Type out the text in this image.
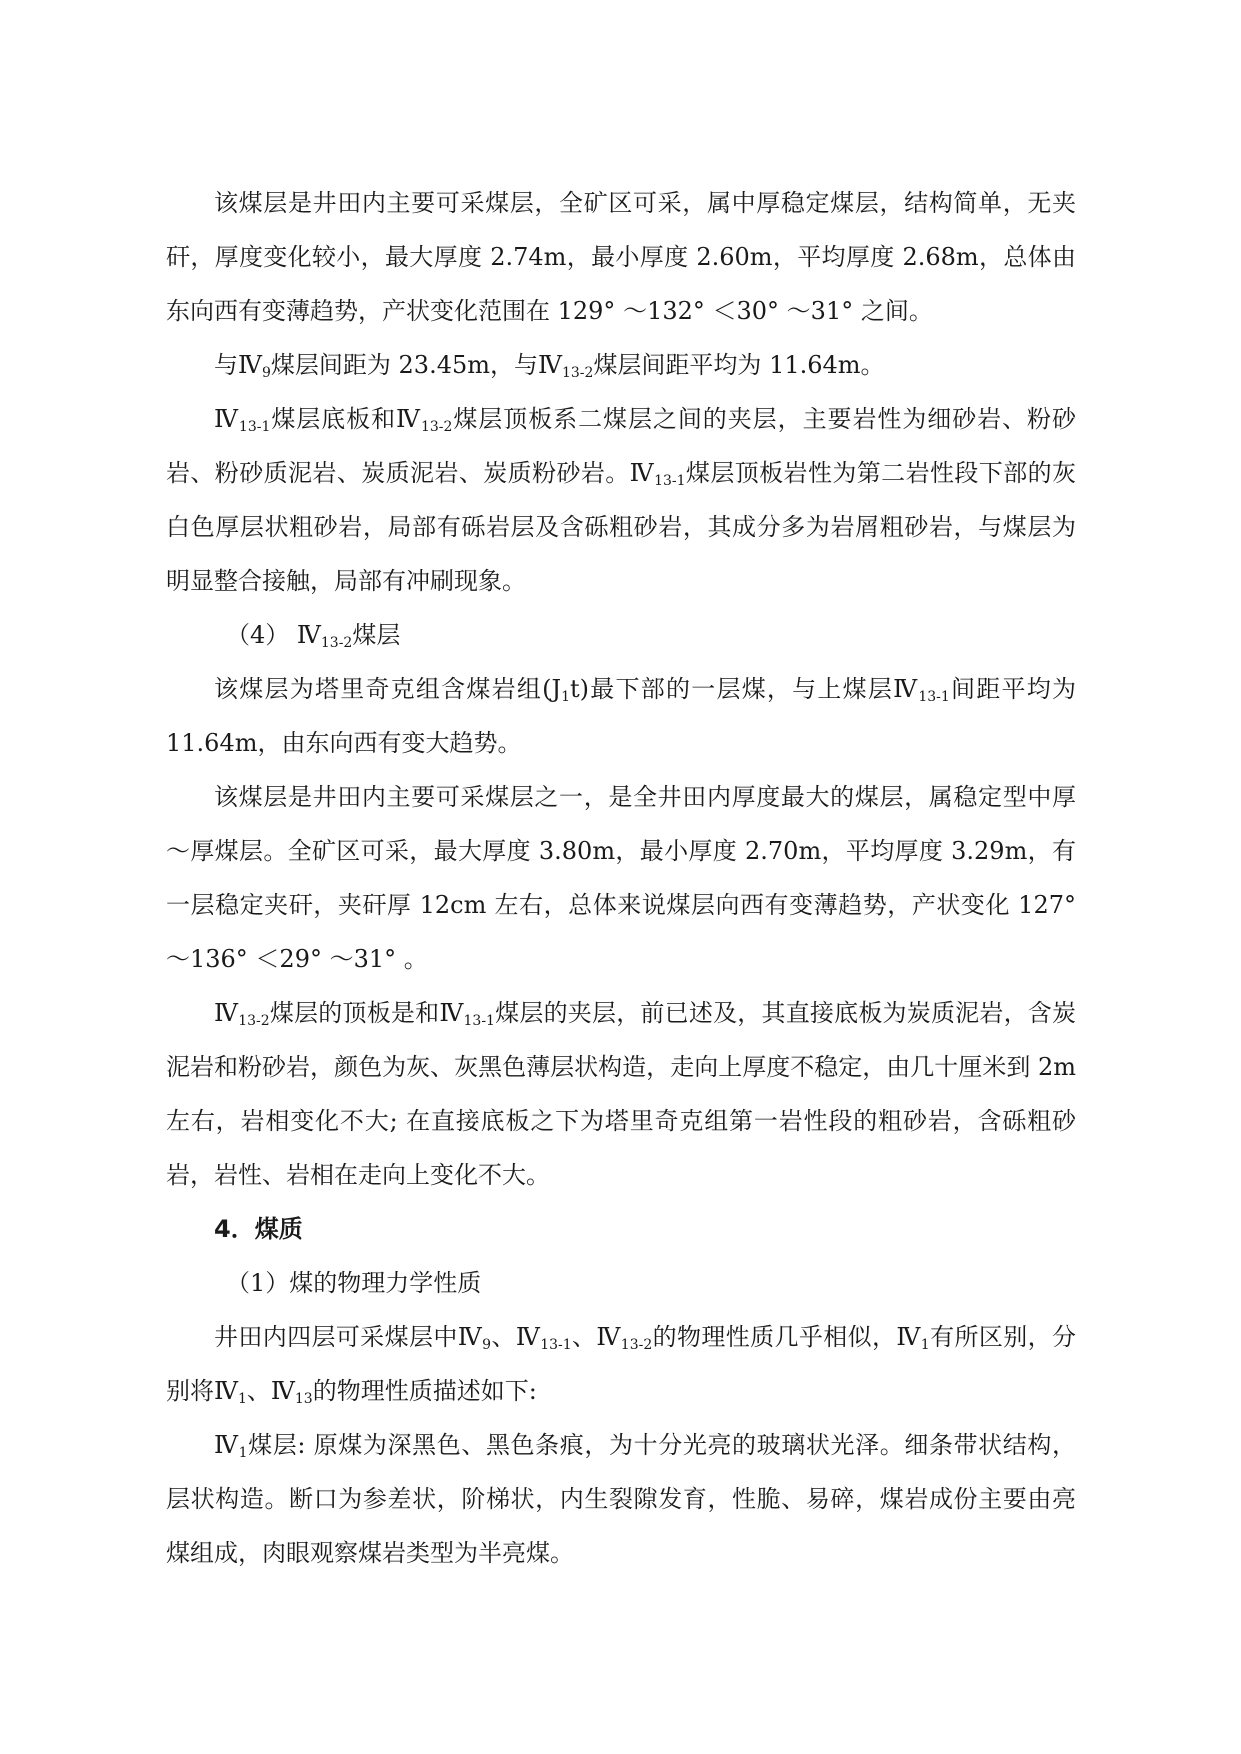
该煤层是井田内主要可采煤层，全矿区可采，属中厚稳定煤层，结构简单，无夹矸，厚度变化较小，最大厚度 2.74m，最小厚度 2.60m，平均厚度 2.68m，总体由东向西有变薄趋势，产状变化范围在 129° ～132° ＜30° ～31° 之间。

与$Ⅳ_9$煤层间距为 23.45m，与$Ⅳ_{13-2}$煤层间距平均为 11.64m。

$Ⅳ_{13-1}$煤层底板和$Ⅳ_{13-2}$煤层顶板系二煤层之间的夹层，主要岩性为细砂岩、粉砂岩、粉砂质泥岩、炭质泥岩、炭质粉砂岩。$Ⅳ_{13-1}$煤层顶板岩性为第二岩性段下部的灰白色厚层状粗砂岩，局部有砾岩层及含砾粗砂岩，其成分多为岩屑粗砂岩，与煤层为明显整合接触，局部有冲刷现象。

（4） $Ⅳ_{13-2}$煤层

该煤层为塔里奇克组含煤岩组$(J_1t)$最下部的一层煤，与上煤层$Ⅳ_{13-1}$间距平均为 11.64m，由东向西有变大趋势。

该煤层是井田内主要可采煤层之一，是全井田内厚度最大的煤层，属稳定型中厚～厚煤层。全矿区可采，最大厚度 3.80m，最小厚度 2.70m，平均厚度 3.29m，有一层稳定夹矸，夹矸厚 12cm 左右，总体来说煤层向西有变薄趋势，产状变化 127° ～136° ＜29° ～31° 。

$Ⅳ_{13-2}$煤层的顶板是和$Ⅳ_{13-1}$煤层的夹层，前已述及，其直接底板为炭质泥岩，含炭泥岩和粉砂岩，颜色为灰、灰黑色薄层状构造，走向上厚度不稳定，由几十厘米到 2m 左右，岩相变化不大; 在直接底板之下为塔里奇克组第一岩性段的粗砂岩，含砾粗砂岩，岩性、岩相在走向上变化不大。

4．煤质

（1）煤的物理力学性质

井田内四层可采煤层中$Ⅳ_9$、$Ⅳ_{13-1}$、$Ⅳ_{13-2}$的物理性质几乎相似，$Ⅳ_1$有所区别，分别将$Ⅳ_1$、$Ⅳ_{13}$的物理性质描述如下:

$Ⅳ_1$煤层: 原煤为深黑色、黑色条痕，为十分光亮的玻璃状光泽。细条带状结构，层状构造。断口为参差状，阶梯状，内生裂隙发育，性脆、易碎，煤岩成份主要由亮煤组成，肉眼观察煤岩类型为半亮煤。
